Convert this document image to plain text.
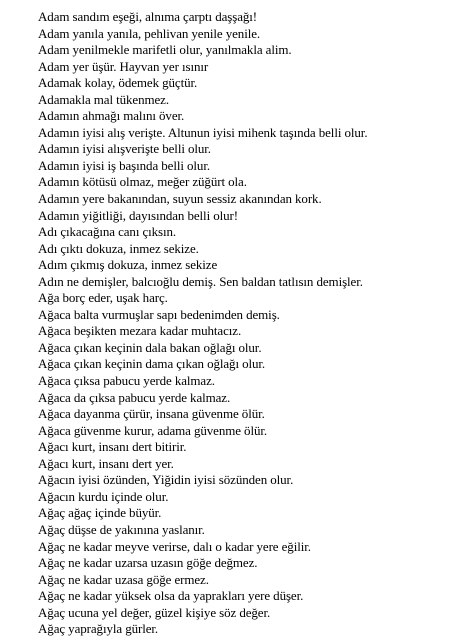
Adam sandım eşeği, alnıma çarptı daşşağı!
Adam yanıla yanıla, pehlivan yenile yenile.
Adam yenilmekle marifetli olur, yanılmakla alim.
Adam yer üşür. Hayvan yer ısınır
Adamak kolay, ödemek güçtür.
Adamakla mal tükenmez.
Adamın ahmağı malını över.
Adamın iyisi alış verişte. Altunun iyisi mihenk taşında belli olur.
Adamın iyisi alışverişte belli olur.
Adamın iyisi iş başında belli olur.
Adamın kötüsü olmaz, meğer züğürt ola.
Adamın yere bakanından, suyun sessiz akanından kork.
Adamın yiğitliği, dayısından belli olur!
Adı çıkacağına canı çıksın.
Adı çıktı dokuza, inmez sekize.
Adım çıkmış dokuza, inmez sekize
Adın ne demişler, balcıoğlu demiş. Sen baldan tatlısın demişler.
Ağa borç eder, uşak harç.
Ağaca balta vurmuşlar sapı bedenimden demiş.
Ağaca beşikten mezara kadar muhtacız.
Ağaca çıkan keçinin dala bakan oğlağı olur.
Ağaca çıkan keçinin dama çıkan oğlağı olur.
Ağaca çıksa pabucu yerde kalmaz.
Ağaca da çıksa pabucu yerde kalmaz.
Ağaca dayanma çürür, insana güvenme ölür.
Ağaca güvenme kurur, adama güvenme ölür.
Ağacı kurt, insanı dert bitirir.
Ağacı kurt, insanı dert yer.
Ağacın iyisi özünden, Yiğidin iyisi sözünden olur.
Ağacın kurdu içinde olur.
Ağaç ağaç içinde büyür.
Ağaç düşse de yakınına yaslanır.
Ağaç ne kadar meyve verirse, dalı o kadar yere eğilir.
Ağaç ne kadar uzarsa uzasın göğe değmez.
Ağaç ne kadar uzasa göğe ermez.
Ağaç ne kadar yüksek olsa da yaprakları yere düşer.
Ağaç ucuna yel değer, güzel kişiye söz değer.
Ağaç yaprağıyla gürler.
